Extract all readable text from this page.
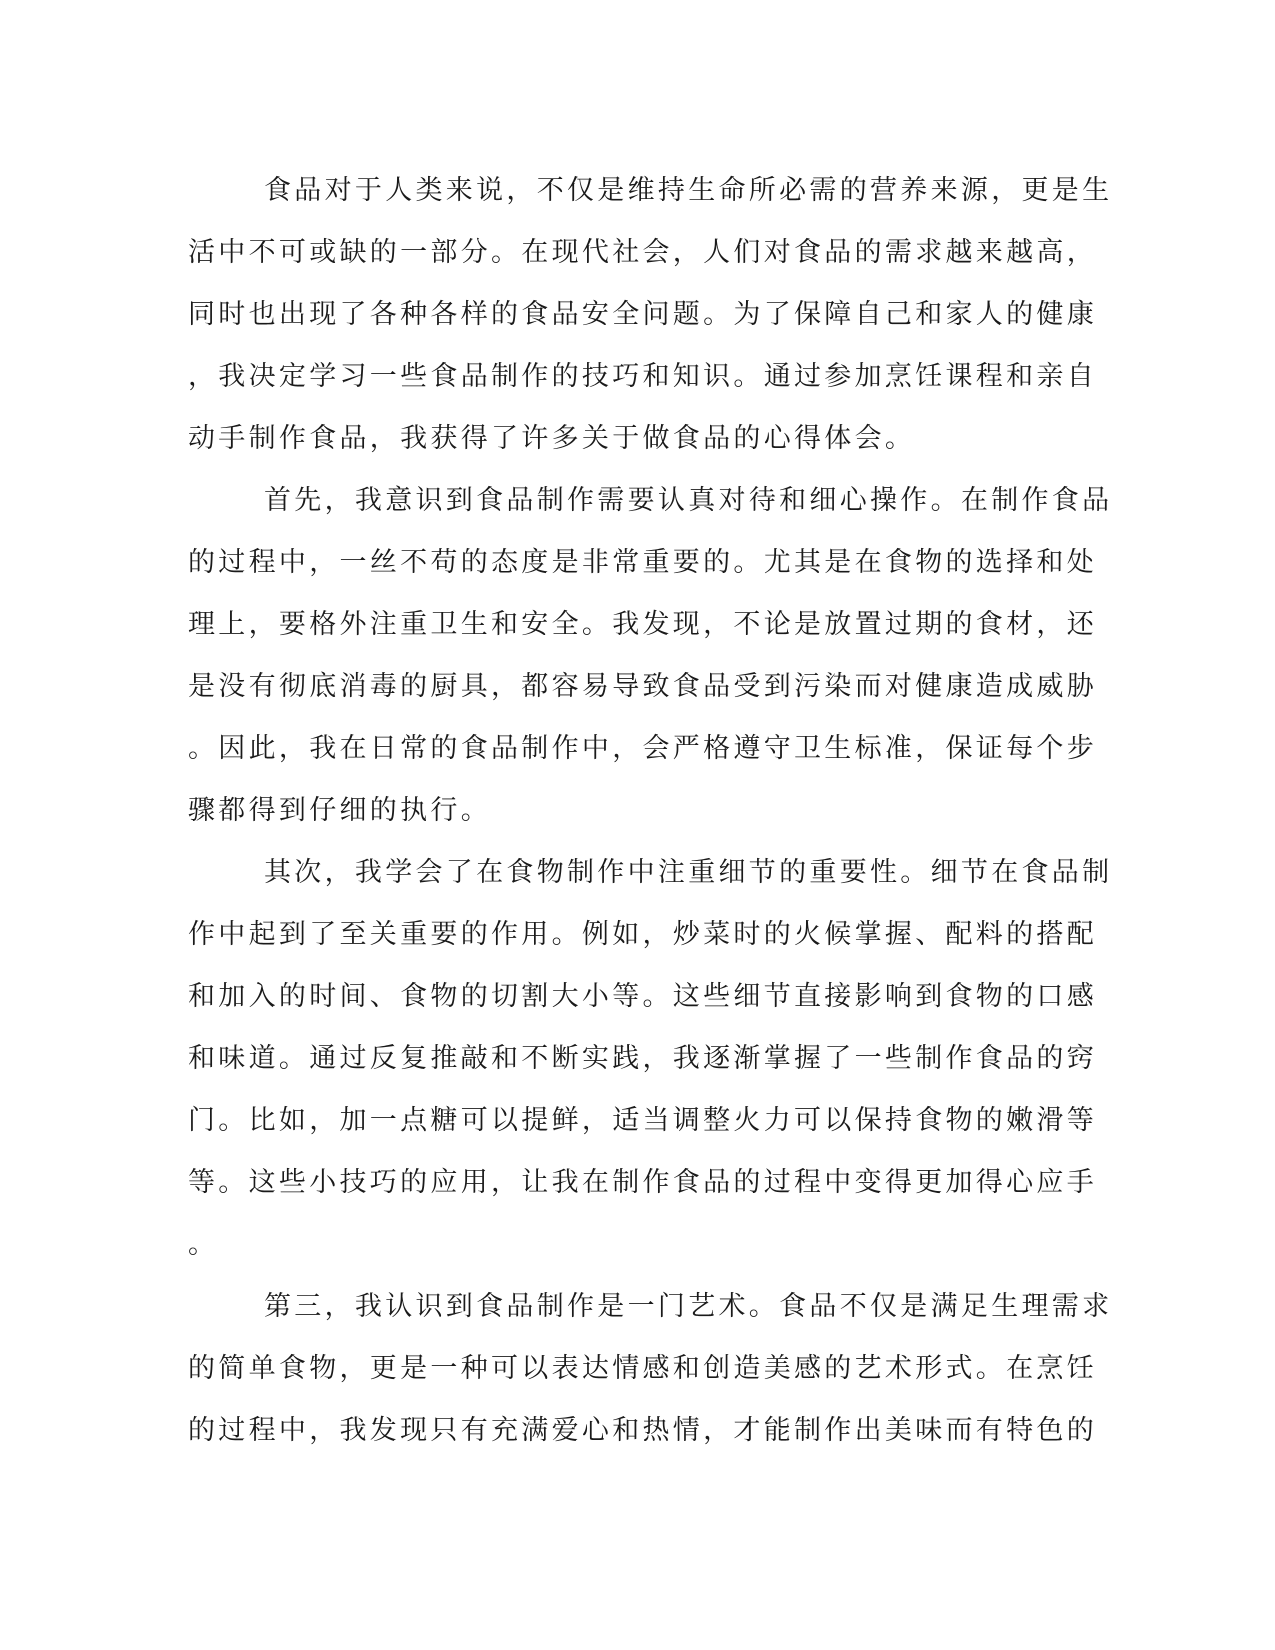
食品对于人类来说，不仅是维持生命所必需的营养来源，更是生
活中不可或缺的一部分。在现代社会，人们对食品的需求越来越高，
同时也出现了各种各样的食品安全问题。为了保障自己和家人的健康
，我决定学习一些食品制作的技巧和知识。通过参加烹饪课程和亲自
动手制作食品，我获得了许多关于做食品的心得体会。
首先，我意识到食品制作需要认真对待和细心操作。在制作食品
的过程中，一丝不苟的态度是非常重要的。尤其是在食物的选择和处
理上，要格外注重卫生和安全。我发现，不论是放置过期的食材，还
是没有彻底消毒的厨具，都容易导致食品受到污染而对健康造成威胁
。因此，我在日常的食品制作中，会严格遵守卫生标准，保证每个步
骤都得到仔细的执行。
其次，我学会了在食物制作中注重细节的重要性。细节在食品制
作中起到了至关重要的作用。例如，炒菜时的火候掌握、配料的搭配
和加入的时间、食物的切割大小等。这些细节直接影响到食物的口感
和味道。通过反复推敲和不断实践，我逐渐掌握了一些制作食品的窍
门。比如，加一点糖可以提鲜，适当调整火力可以保持食物的嫩滑等
等。这些小技巧的应用，让我在制作食品的过程中变得更加得心应手
。
第三，我认识到食品制作是一门艺术。食品不仅是满足生理需求
的简单食物，更是一种可以表达情感和创造美感的艺术形式。在烹饪
的过程中，我发现只有充满爱心和热情，才能制作出美味而有特色的
